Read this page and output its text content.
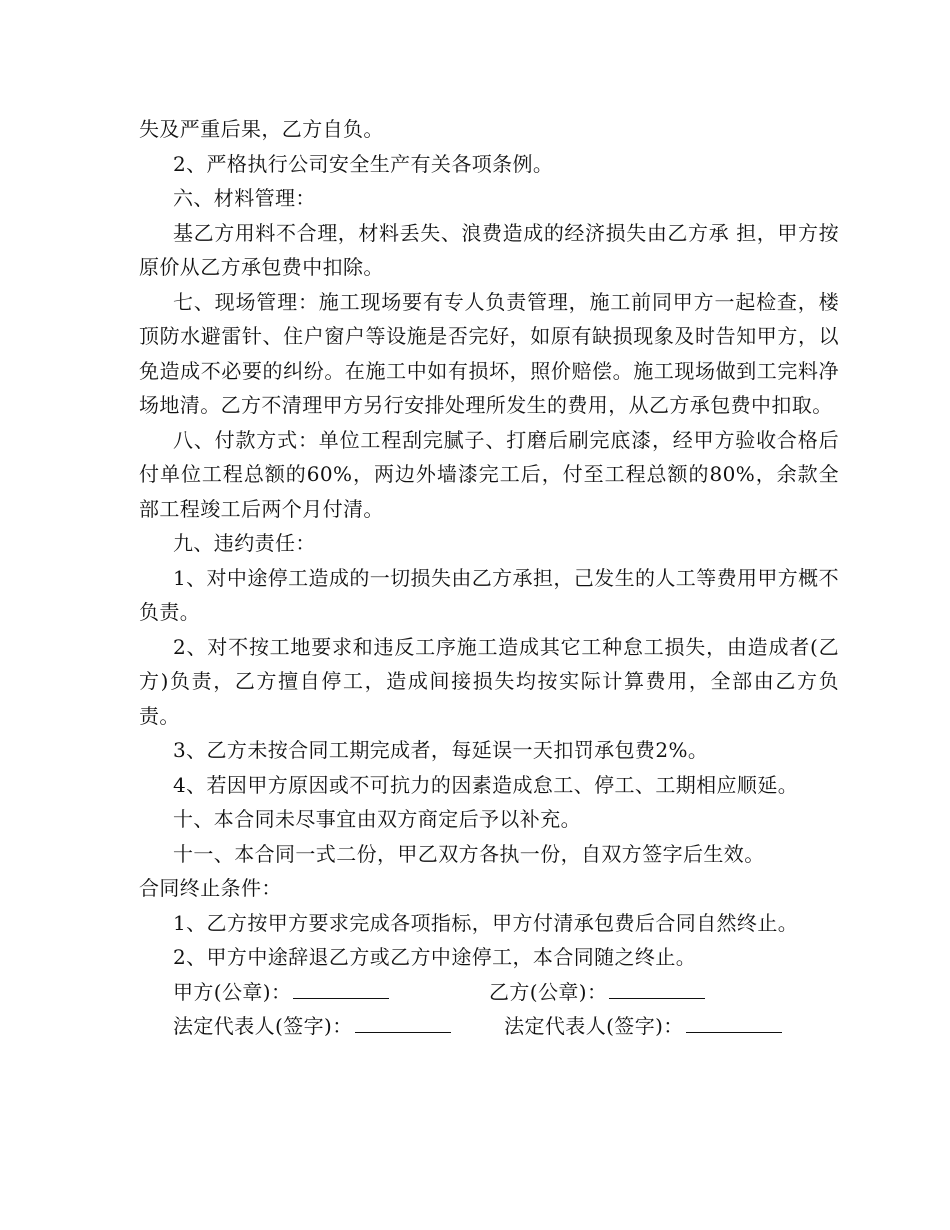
失及严重后果，乙方自负。

2、严格执行公司安全生产有关各项条例。

六、材料管理：

基乙方用料不合理，材料丢失、浪费造成的经济损失由乙方承 担，甲方按原价从乙方承包费中扣除。

七、现场管理：施工现场要有专人负责管理，施工前同甲方一起检查，楼顶防水避雷针、住户窗户等设施是否完好，如原有缺损现象及时告知甲方，以免造成不必要的纠纷。在施工中如有损坏，照价赔偿。施工现场做到工完料净场地清。乙方不清理甲方另行安排处理所发生的费用，从乙方承包费中扣取。

八、付款方式：单位工程刮完腻子、打磨后刷完底漆，经甲方验收合格后付单位工程总额的60%，两边外墙漆完工后，付至工程总额的80%，余款全部工程竣工后两个月付清。

九、违约责任：

1、对中途停工造成的一切损失由乙方承担，己发生的人工等费用甲方概不负责。

2、对不按工地要求和违反工序施工造成其它工种怠工损失，由造成者(乙方)负责，乙方擅自停工，造成间接损失均按实际计算费用，全部由乙方负责。

3、乙方未按合同工期完成者，每延误一天扣罚承包费2%。

4、若因甲方原因或不可抗力的因素造成怠工、停工、工期相应顺延。

十、本合同未尽事宜由双方商定后予以补充。

十一、本合同一式二份，甲乙双方各执一份，自双方签字后生效。

合同终止条件：

1、乙方按甲方要求完成各项指标，甲方付清承包费后合同自然终止。

2、甲方中途辞退乙方或乙方中途停工，本合同随之终止。

甲方(公章)：	乙方(公章)：
法定代表人(签字)：	法定代表人(签字)：
